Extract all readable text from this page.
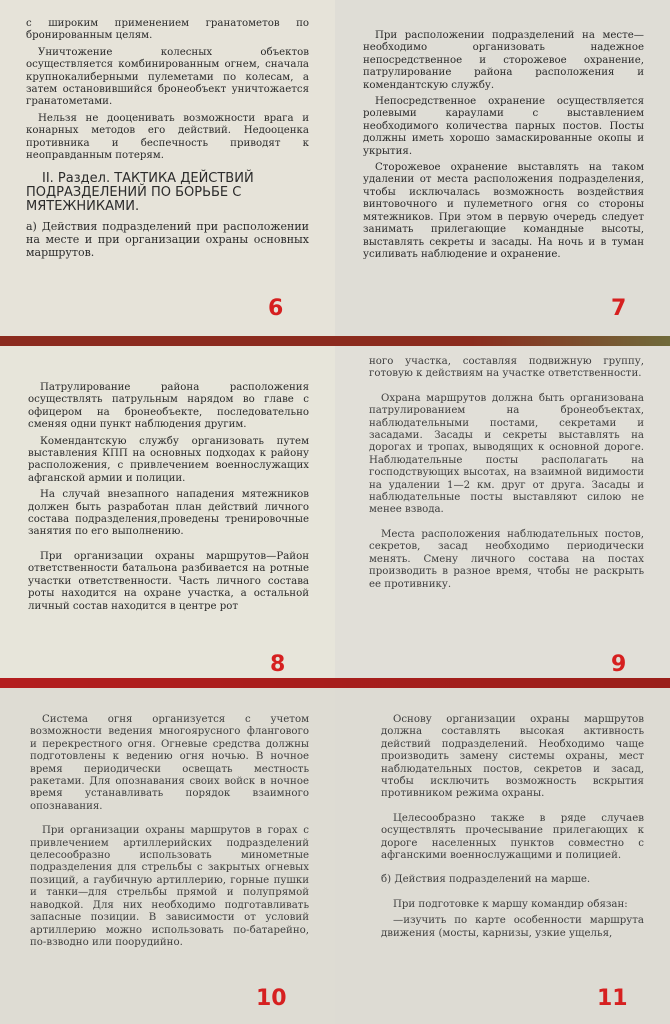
с широким применением гранатометов по бронированным целям.

Уничтожение колесных объектов осуществляется комбинированным огнем, сначала крупнокалиберными пулеметами по колесам, а затем остановившийся бронеобъект уничтожается гранатометами.

Нельзя не дооценивать возможности врага и конарных методов его действий. Недооценка противника и беспечность приводят к неоправданным потерям.

II. Раздел. ТАКТИКА ДЕЙСТВИЙ ПОДРАЗДЕЛЕНИЙ ПО БОРЬБЕ С МЯТЕЖНИКАМИ.

а) Действия подразделений при расположении на месте и при организации охраны основных маршрутов.

6

При расположении подразделений на месте—необходимо организовать надежное непосредственное и сторожевое охранение, патрулирование района расположения и комендантскую службу.

Непосредственное охранение осуществляется ролевыми караулами с выставлением необходимого количества парных постов. Посты должны иметь хорошо замаскированные окопы и укрытия.

Сторожевое охранение выставлять на таком удалении от места расположения подразделения, чтобы исключалась возможность воздействия винтовочного и пулеметного огня со стороны мятежников. При этом в первую очередь следует занимать прилегающие командные высоты, выставлять секреты и засады. На ночь и в туман усиливать наблюдение и охранение.

7

Патрулирование района расположения осуществлять патрульным нарядом во главе с офицером на бронеобъекте, последовательно сменяя одни пункт наблюдения другим.

Комендантскую службу организовать путем выставления КПП на основных подходах к району расположения, с привлечением военнослужащих афганской армии и полиции.

На случай внезапного нападения мятежников должен быть разработан план действий личного состава подразделения,проведены тренировочные занятия по его выполнению.

При организации охраны маршрутов—Район ответственности батальона разбивается на ротные участки ответственности. Часть личного состава роты находится на охране участка, а остальной личный состав находится в центре рот

8

ного участка, составляя подвижную группу, готовую к действиям на участке ответственности.

Охрана маршрутов должна быть организована патрулированием на бронеобъектах, наблюдательными постами, секретами и засадами. Засады и секреты выставлять на дорогах и тропах, выводящих к основной дороге. Наблюдательные посты располагать на господствующих высотах, на взаимной видимости на удалении 1—2 км. друг от друга. Засады и наблюдательные посты выставляют силою не менее взвода.

Места расположения наблюдательных постов, секретов, засад необходимо периодически менять. Смену личного состава на постах производить в разное время, чтобы не раскрыть ее противнику.

9

Система огня организуется с учетом возможности ведения многоярусного флангового и перекрестного огня. Огневые средства должны подготовлены к ведению огня ночью. В ночное время периодически освещать местность ракетами. Для опознавания своих войск в ночное время устанавливать порядок взаимного опознавания.

При организации охраны маршрутов в горах с привлечением артиллерийских подразделений целесообразно использовать минометные подразделения для стрельбы с закрытых огневых позиций, а гаубичную артиллерию, горные пушки и танки—для стрельбы прямой и полупрямой наводкой. Для них необходимо подготавливать запасные позиции. В зависимости от условий артиллерию можно использовать по-батарейно, по-взводно или поорудийно.

10

Основу организации охраны маршрутов должна составлять высокая активность действий подразделений. Необходимо чаще производить замену системы охраны, мест наблюдательных постов, секретов и засад, чтобы исключить возможность вскрытия противником режима охраны.

Целесообразно также в ряде случаев осуществлять прочесывание прилегающих к дороге населенных пунктов совместно с афганскими военнослужащими и полицией.

б) Действия подразделений на марше.

При подготовке к маршу командир обязан:

—изучить по карте особенности маршрута движения (мосты, карнизы, узкие ущелья,

11
